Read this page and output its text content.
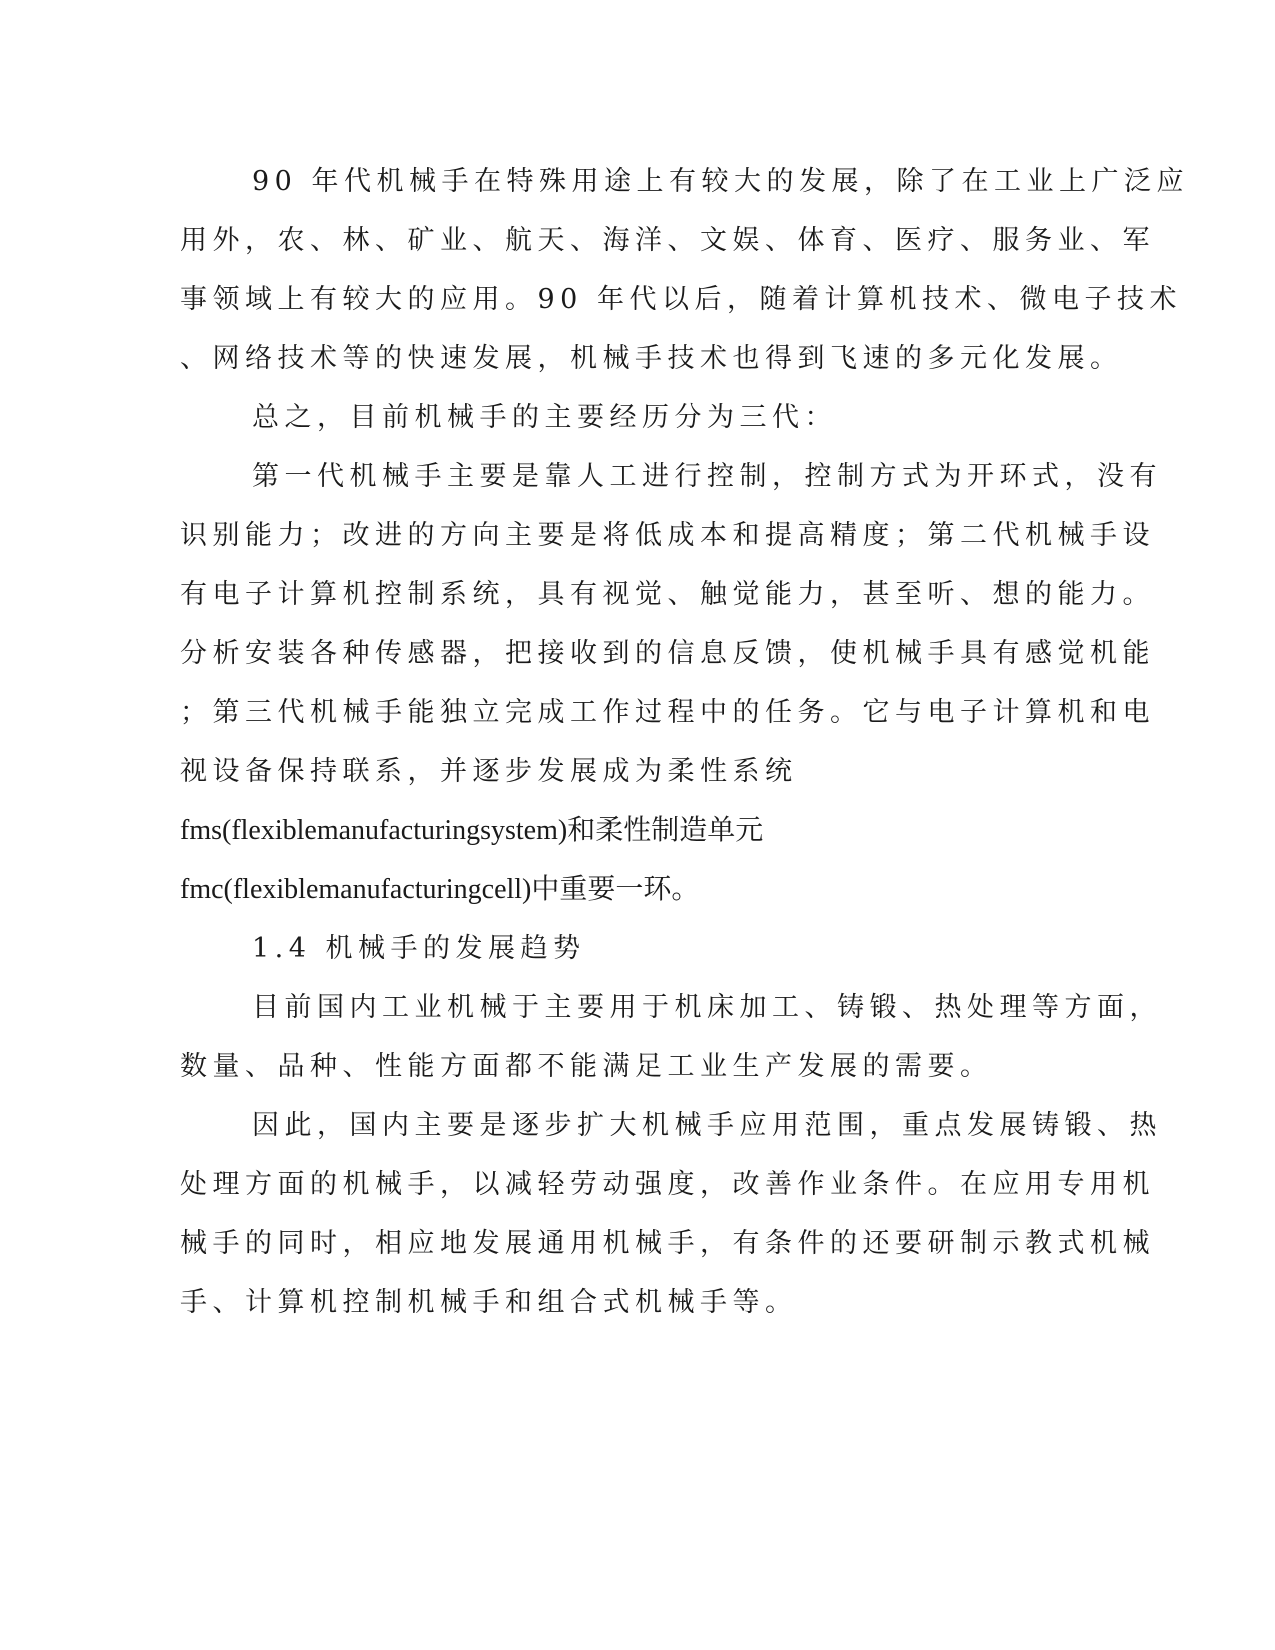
90 年代机械手在特殊用途上有较大的发展，除了在工业上广泛应
用外，农、林、矿业、航天、海洋、文娱、体育、医疗、服务业、军
事领域上有较大的应用。90 年代以后，随着计算机技术、微电子技术
、网络技术等的快速发展，机械手技术也得到飞速的多元化发展。
总之，目前机械手的主要经历分为三代：
第一代机械手主要是靠人工进行控制，控制方式为开环式，没有
识别能力；改进的方向主要是将低成本和提高精度；第二代机械手设
有电子计算机控制系统，具有视觉、触觉能力，甚至听、想的能力。
分析安装各种传感器，把接收到的信息反馈，使机械手具有感觉机能
；第三代机械手能独立完成工作过程中的任务。它与电子计算机和电
视设备保持联系，并逐步发展成为柔性系统
fms(flexiblemanufacturingsystem)和柔性制造单元
fmc(flexiblemanufacturingcell)中重要一环。
1.4 机械手的发展趋势
目前国内工业机械于主要用于机床加工、铸锻、热处理等方面，
数量、品种、性能方面都不能满足工业生产发展的需要。
因此，国内主要是逐步扩大机械手应用范围，重点发展铸锻、热
处理方面的机械手，以减轻劳动强度，改善作业条件。在应用专用机
械手的同时，相应地发展通用机械手，有条件的还要研制示教式机械
手、计算机控制机械手和组合式机械手等。
